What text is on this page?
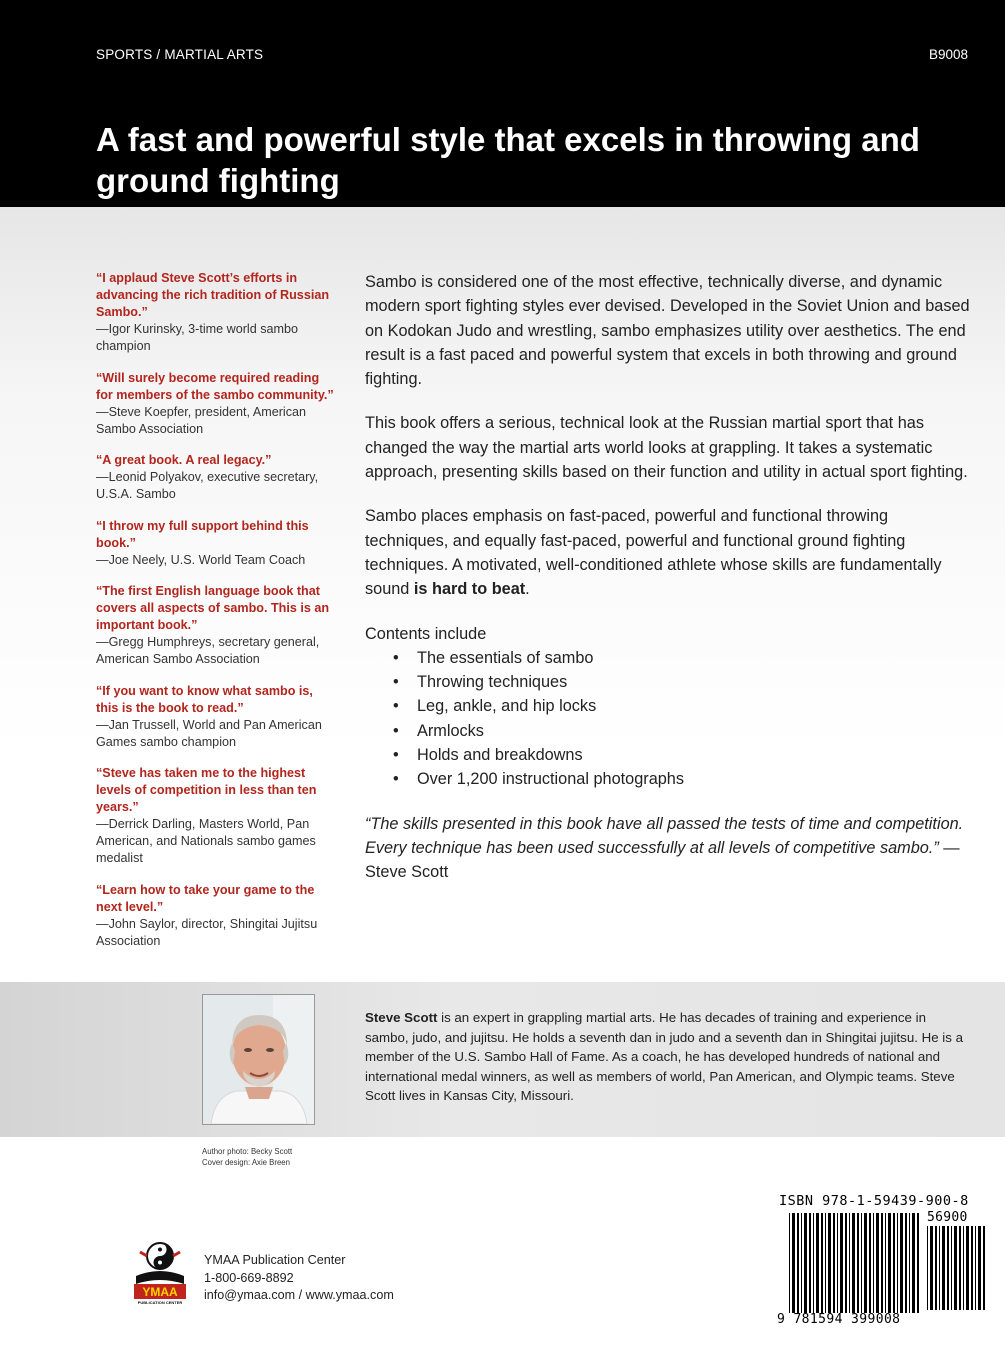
SPORTS / MARTIAL ARTS	B9008
A fast and powerful style that excels in throwing and ground fighting
“I applaud Steve Scott’s efforts in advancing the rich tradition of Russian Sambo.”
—Igor Kurinsky, 3-time world sambo champion
“Will surely become required reading for members of the sambo community.”
—Steve Koepfer, president, American Sambo Association
“A great book. A real legacy.”
—Leonid Polyakov, executive secretary, U.S.A. Sambo
“I throw my full support behind this book.”
—Joe Neely, U.S. World Team Coach
“The first English language book that covers all aspects of sambo. This is an important book.”
—Gregg Humphreys, secretary general, American Sambo Association
“If you want to know what sambo is, this is the book to read.”
—Jan Trussell, World and Pan American Games sambo champion
“Steve has taken me to the highest levels of competition in less than ten years.”
—Derrick Darling, Masters World, Pan American, and Nationals sambo games medalist
“Learn how to take your game to the next level.”
—John Saylor, director, Shingitai Jujitsu Association

Sambo is considered one of the most effective, technically diverse, and dynamic modern sport fighting styles ever devised. Developed in the Soviet Union and based on Kodokan Judo and wrestling, sambo emphasizes utility over aesthetics. The end result is a fast paced and powerful system that excels in both throwing and ground fighting.

This book offers a serious, technical look at the Russian martial sport that has changed the way the martial arts world looks at grappling. It takes a systematic approach, presenting skills based on their function and utility in actual sport fighting.

Sambo places emphasis on fast-paced, powerful and functional throwing techniques, and equally fast-paced, powerful and functional ground fighting techniques. A motivated, well-conditioned athlete whose skills are fundamentally sound is hard to beat.

Contents include
• The essentials of sambo
• Throwing techniques
• Leg, ankle, and hip locks
• Armlocks
• Holds and breakdowns
• Over 1,200 instructional photographs

“The skills presented in this book have all passed the tests of time and competition. Every technique has been used successfully at all levels of competitive sambo.” — Steve Scott

Steve Scott is an expert in grappling martial arts. He has decades of training and experience in sambo, judo, and jujitsu. He holds a seventh dan in judo and a seventh dan in Shingitai jujitsu. He is a member of the U.S. Sambo Hall of Fame. As a coach, he has developed hundreds of national and international medal winners, as well as members of world, Pan American, and Olympic teams. Steve Scott lives in Kansas City, Missouri.
Author photo: Becky Scott
Cover design: Axie Breen
YMAA
PUBLICATION CENTER
YMAA Publication Center
1-800-669-8892
info@ymaa.com / www.ymaa.com
ISBN 978-1-59439-900-8
56900
9 781594 399008
